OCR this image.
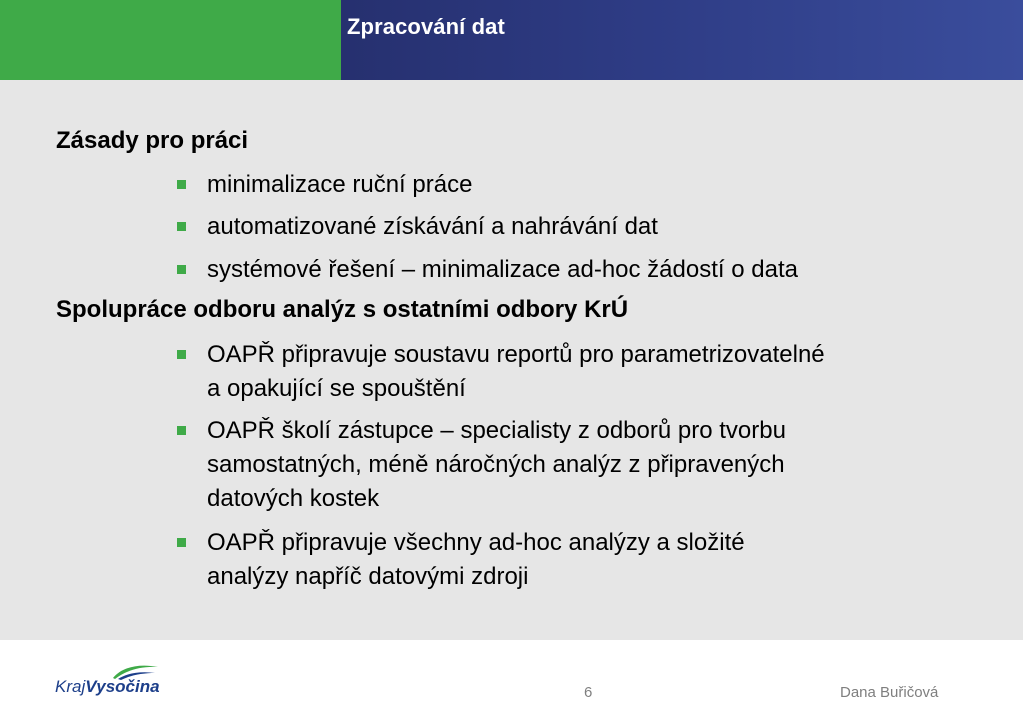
Zpracování dat
Zásady pro práci
minimalizace ruční práce
automatizované získávání a nahrávání dat
systémové řešení – minimalizace ad-hoc žádostí o data
Spolupráce odboru analýz s ostatními odbory KrÚ
OAPŘ připravuje soustavu reportů pro parametrizovatelné
a opakující se spouštění
OAPŘ školí zástupce – specialisty z odborů pro tvorbu
samostatných, méně náročných analýz z připravených
datových kostek
OAPŘ připravuje všechny ad-hoc analýzy a složité
analýzy napříč datovými zdroji
KrajVysočina	6	Dana Buřičová
